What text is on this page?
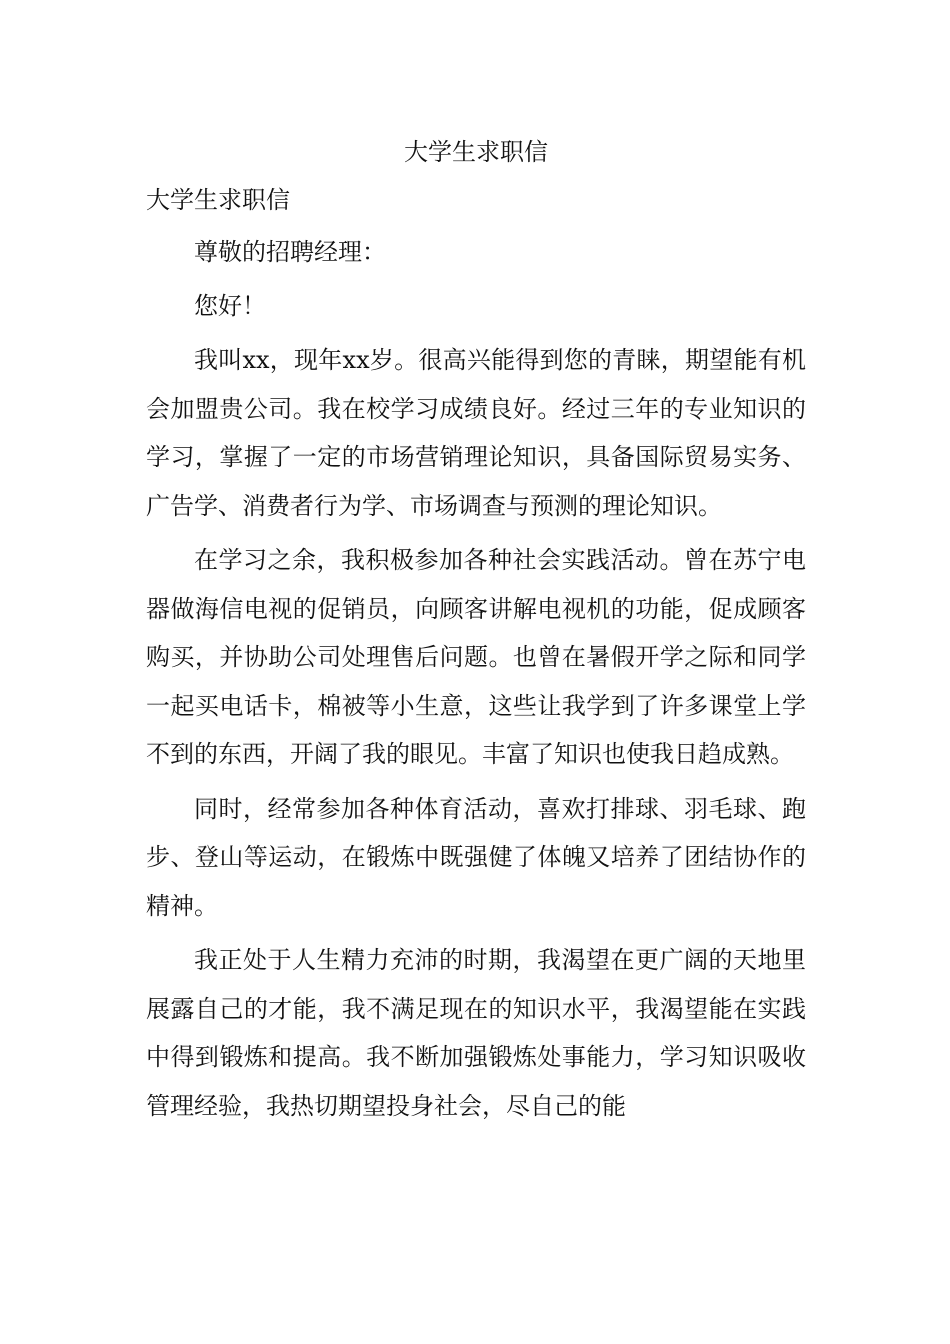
大学生求职信
大学生求职信

尊敬的招聘经理：

您好！

我叫xx，现年xx岁。很高兴能得到您的青睐，期望能有机会加盟贵公司。我在校学习成绩良好。经过三年的专业知识的学习，掌握了一定的市场营销理论知识，具备国际贸易实务、广告学、消费者行为学、市场调查与预测的理论知识。

在学习之余，我积极参加各种社会实践活动。曾在苏宁电器做海信电视的促销员，向顾客讲解电视机的功能，促成顾客购买，并协助公司处理售后问题。也曾在暑假开学之际和同学一起买电话卡，棉被等小生意，这些让我学到了许多课堂上学不到的东西，开阔了我的眼见。丰富了知识也使我日趋成熟。

同时，经常参加各种体育活动，喜欢打排球、羽毛球、跑步、登山等运动，在锻炼中既强健了体魄又培养了团结协作的精神。

我正处于人生精力充沛的时期，我渴望在更广阔的天地里展露自己的才能，我不满足现在的知识水平，我渴望能在实践中得到锻炼和提高。我不断加强锻炼处事能力，学习知识吸收管理经验，我热切期望投身社会，尽自己的能
